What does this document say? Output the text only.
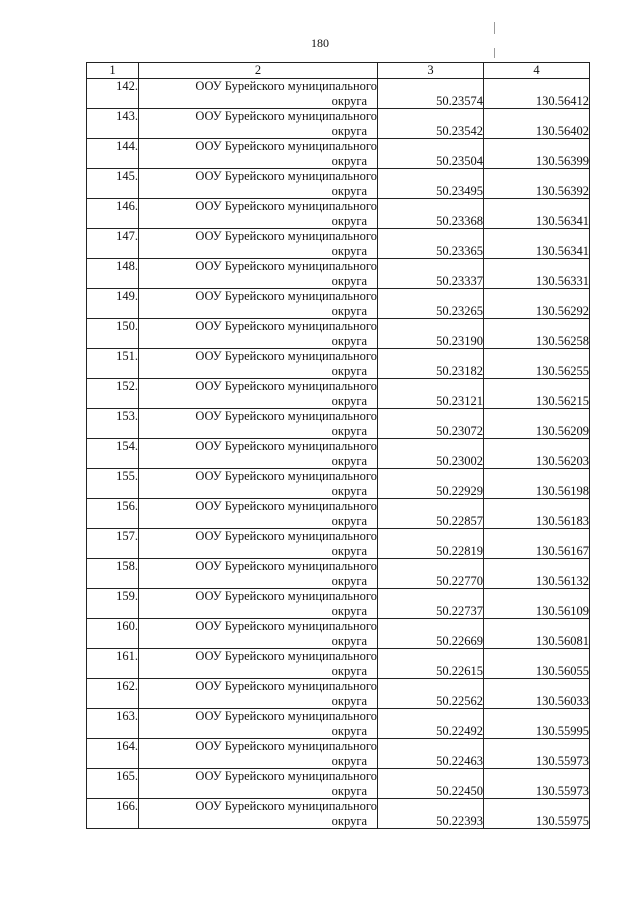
180
1	2	3	4
142.	ООУ Бурейского муниципального
округа	50.23574	130.56412
143.	ООУ Бурейского муниципального
округа	50.23542	130.56402
144.	ООУ Бурейского муниципального
округа	50.23504	130.56399
145.	ООУ Бурейского муниципального
округа	50.23495	130.56392
146.	ООУ Бурейского муниципального
округа	50.23368	130.56341
147.	ООУ Бурейского муниципального
округа	50.23365	130.56341
148.	ООУ Бурейского муниципального
округа	50.23337	130.56331
149.	ООУ Бурейского муниципального
округа	50.23265	130.56292
150.	ООУ Бурейского муниципального
округа	50.23190	130.56258
151.	ООУ Бурейского муниципального
округа	50.23182	130.56255
152.	ООУ Бурейского муниципального
округа	50.23121	130.56215
153.	ООУ Бурейского муниципального
округа	50.23072	130.56209
154.	ООУ Бурейского муниципального
округа	50.23002	130.56203
155.	ООУ Бурейского муниципального
округа	50.22929	130.56198
156.	ООУ Бурейского муниципального
округа	50.22857	130.56183
157.	ООУ Бурейского муниципального
округа	50.22819	130.56167
158.	ООУ Бурейского муниципального
округа	50.22770	130.56132
159.	ООУ Бурейского муниципального
округа	50.22737	130.56109
160.	ООУ Бурейского муниципального
округа	50.22669	130.56081
161.	ООУ Бурейского муниципального
округа	50.22615	130.56055
162.	ООУ Бурейского муниципального
округа	50.22562	130.56033
163.	ООУ Бурейского муниципального
округа	50.22492	130.55995
164.	ООУ Бурейского муниципального
округа	50.22463	130.55973
165.	ООУ Бурейского муниципального
округа	50.22450	130.55973
166.	ООУ Бурейского муниципального
округа	50.22393	130.55975
